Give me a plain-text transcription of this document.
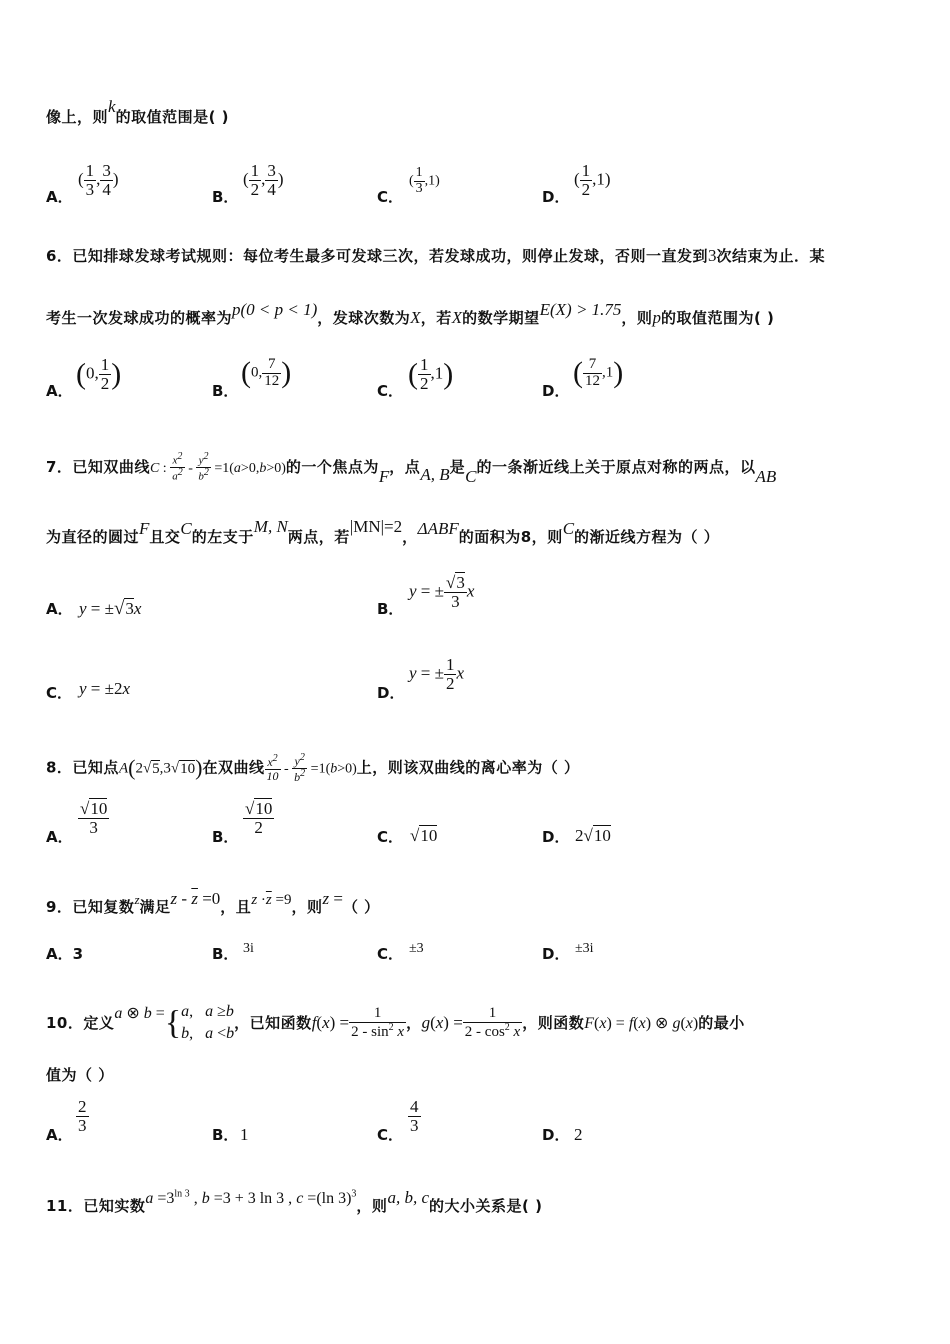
像上，则k的取值范围是( )
A．
( $\frac{1}{3}$ , $\frac{3}{4}$ )
B．
( $\frac{1}{2}$ , $\frac{3}{4}$ )
C．
( $\frac{1}{3} ,1$)
D．
( $\frac{1}{2} ,1$)
6．已知排球发球考试规则：每位考生最多可发球三次，若发球成功，则停止发球，否则一直发到3次结束为止．某
考生一次发球成功的概率为p(0 < p < 1)，发球次数为X，若X的数学期望E(X) > 1.75，则p的取值范围为( )
A．
(0, $\frac{1}{2}$ )
B．
(0, $\frac{7}{12}$ )
C．
( $\frac{1}{2} ,1$)
D．
( $\frac{7}{12} ,1$)
7．已知双曲线C : $\frac{x2}{a2} - \frac{y2}{b2} =1(a>0,b>0)$的一个焦点为F，点A, B是C的一条渐近线上关于原点对称的两点，以AB
为直径的圆过F且交C的左支于M, N两点，若|MN|=2，ΔABF的面积为8，则C的渐近线方程为（ ）
A． y = ±√3x	B．
y = ± $\frac{√3}{3}$ x
C． y = ±2x	D．
y = ± $\frac{1}{2}$ x
8．已知点A(2√5,3√10)在双曲线 $\frac{x^2}{10} - \frac{y^2}{b^2} =1(b>0)$上，则该双曲线的离心率为（ ）
A．
$\frac{√10}{3}$
B．
$\frac{√10}{2}$
C． √10	D． 2√10
9．已知复数z满足$z - \overline{z} =0$，且$z \cdot\overline{z} =9$，则z =（ ）
A．3	B． 3i	C． ±3	D． ±3i
10．定义a ⊗ b ={ a,   a ≥b
b,   a <b
，已知函数$f(x) = \frac{1}{2 - \sin^2 x}$ ，$g(x) = \frac{1}{2 - \cos^2 x}$ ，则函数F(x) = f(x) ⊗ g(x)的最小
值为（ ）
A．
$\frac{2}{3}$
B． 1	C．
$\frac{4}{3}$
D． 2
11．已知实数$a =3^{ln 3}$ , b =3 + 3 ln 3 , c =(ln 3)$^3$，则a, b, c的大小关系是( )
